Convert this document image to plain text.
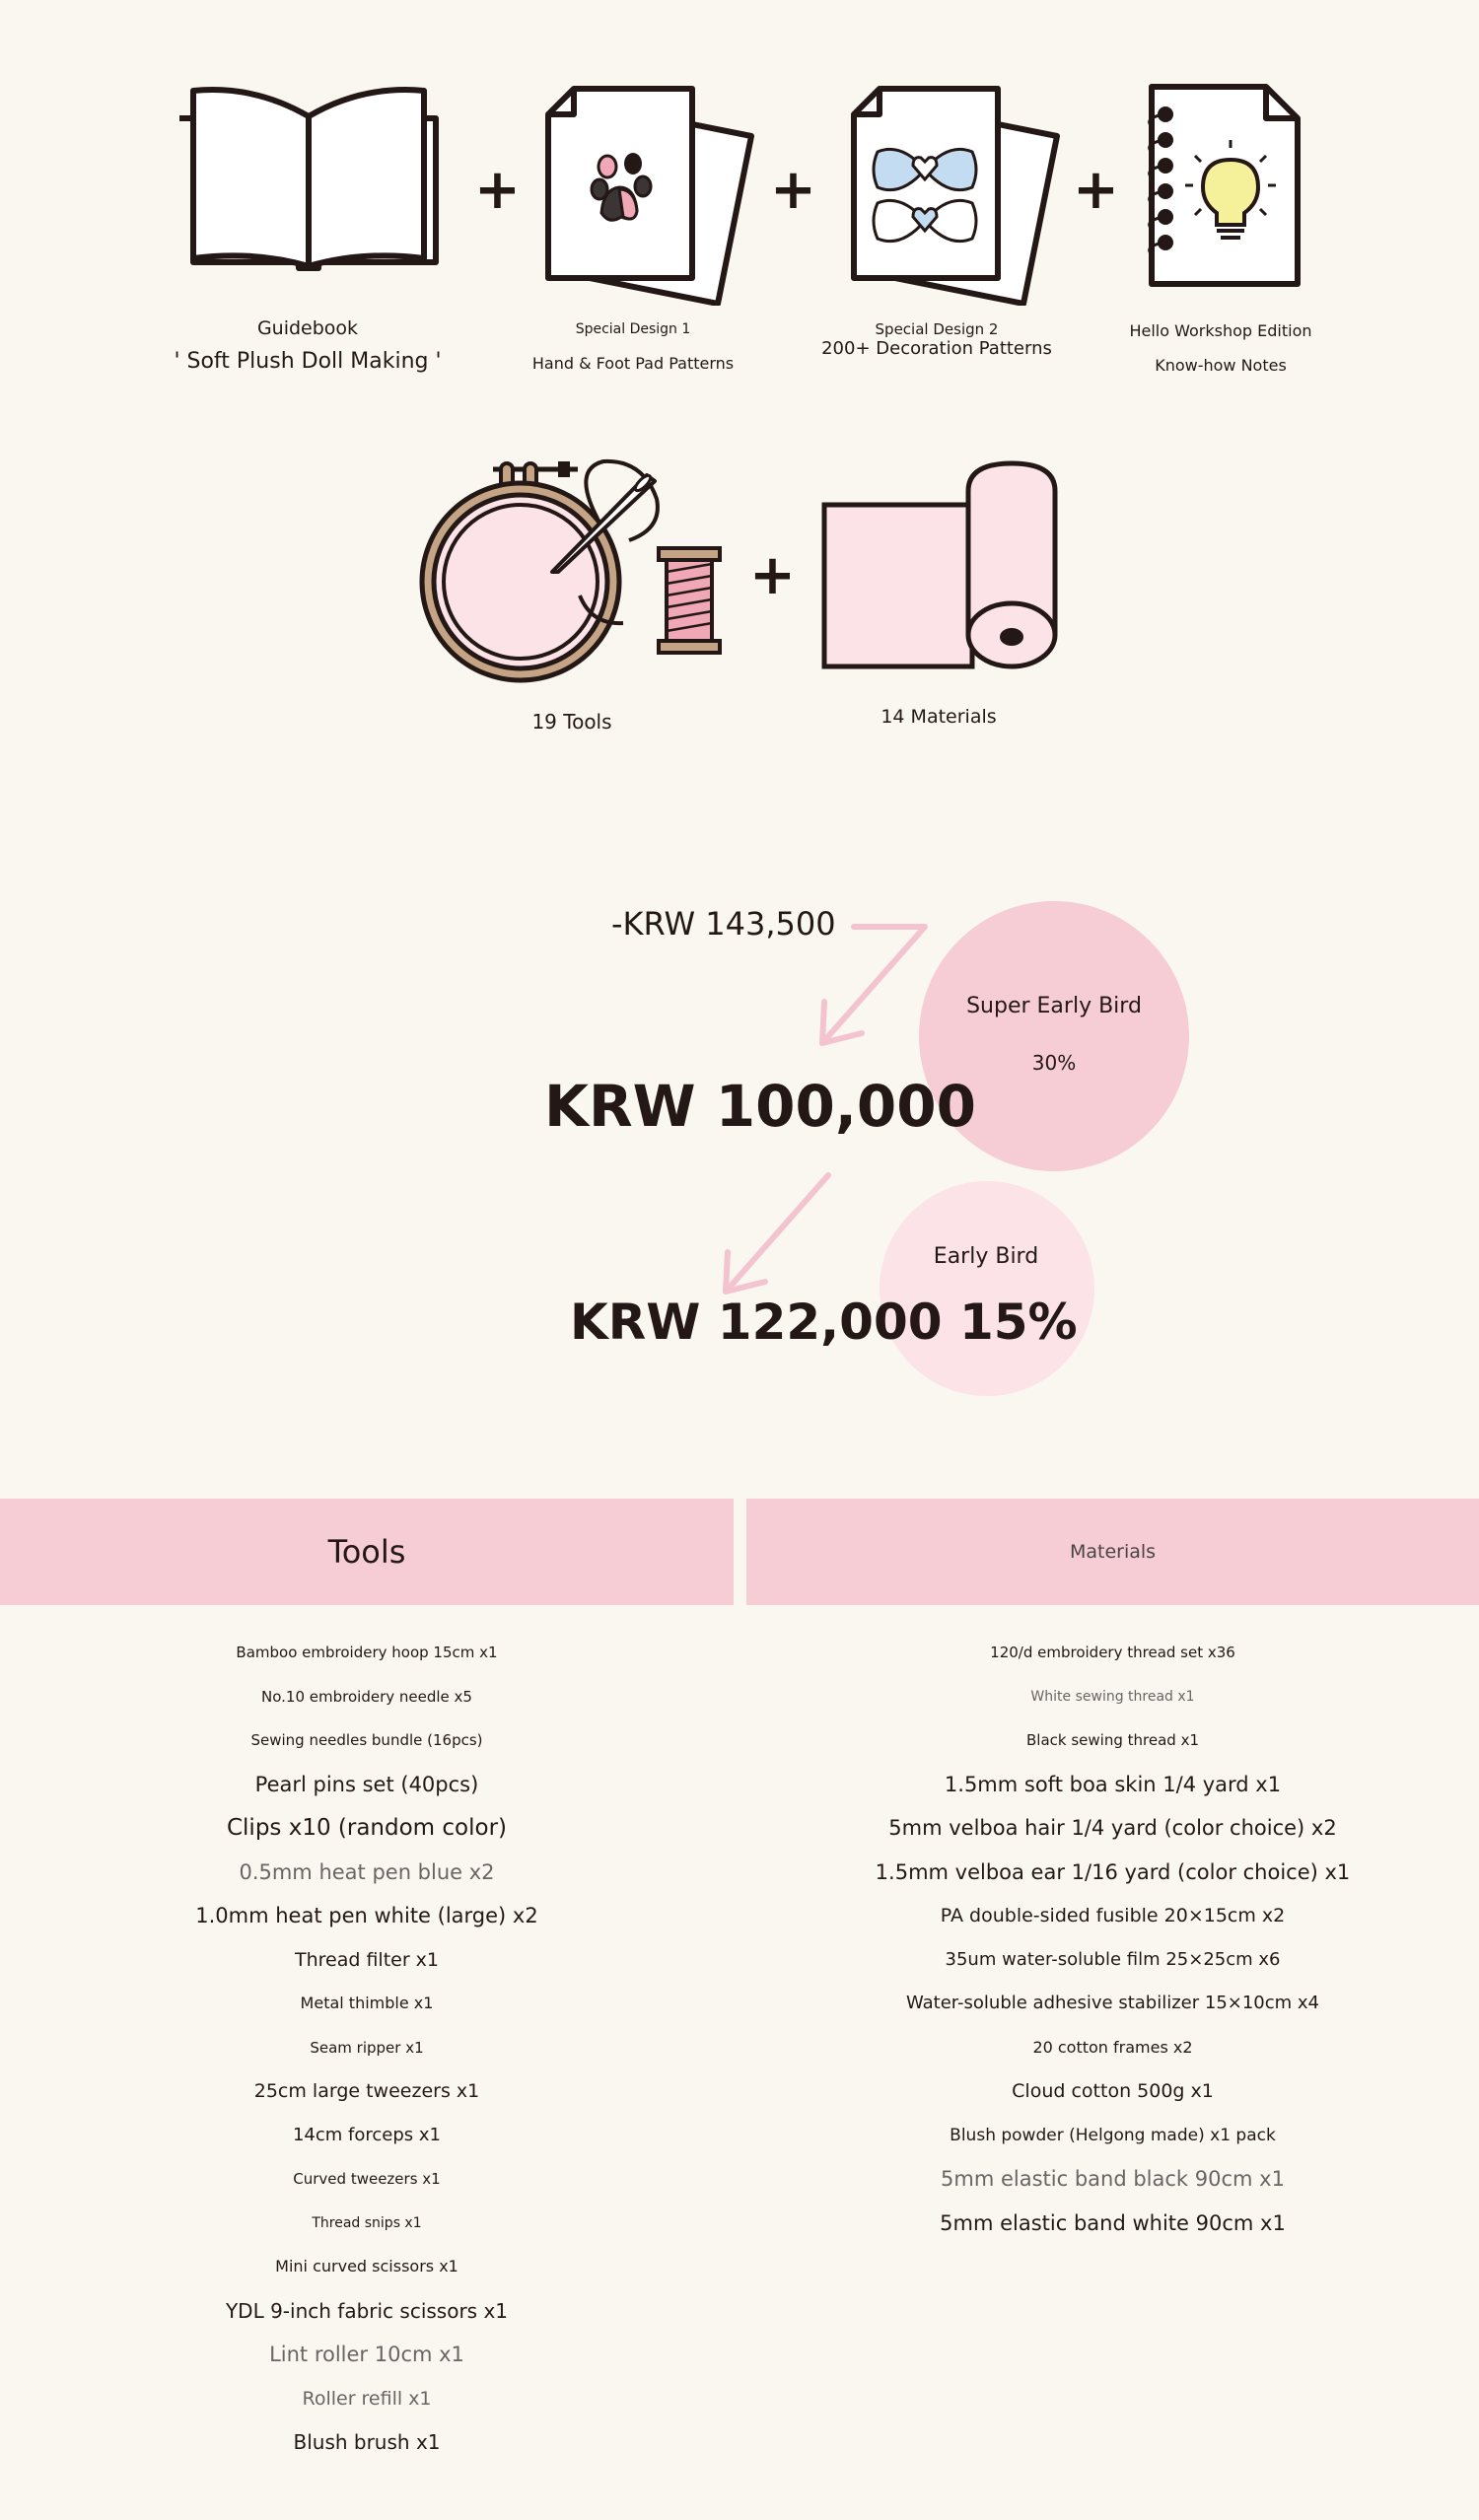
+	+	+
Guidebook
' Soft Plush Doll Making '
Special Design 1
Hand & Foot Pad Patterns
Special Design 2
200+ Decoration Patterns
Hello Workshop Edition
Know-how Notes
+
19 Tools	14 Materials
-KRW 143,500
KRW 100,000
Super Early Bird
30%
KRW 122,000 15%
Early Bird
Tools	Materials
Bamboo embroidery hoop 15cm x1
No.10 embroidery needle x5
Sewing needles bundle (16pcs)
Pearl pins set (40pcs)
Clips x10 (random color)
0.5mm heat pen blue x2
1.0mm heat pen white (large) x2
Thread filter x1
Metal thimble x1
Seam ripper x1
25cm large tweezers x1
14cm forceps x1
Curved tweezers x1
Thread snips x1
Mini curved scissors x1
YDL 9-inch fabric scissors x1
Lint roller 10cm x1
Roller refill x1
Blush brush x1
120/d embroidery thread set x36
White sewing thread x1
Black sewing thread x1
1.5mm soft boa skin 1/4 yard x1
5mm velboa hair 1/4 yard (color choice) x2
1.5mm velboa ear 1/16 yard (color choice) x1
PA double-sided fusible 20×15cm x2
35um water-soluble film 25×25cm x6
Water-soluble adhesive stabilizer 15×10cm x4
20 cotton frames x2
Cloud cotton 500g x1
Blush powder (Helgong made) x1 pack
5mm elastic band black 90cm x1
5mm elastic band white 90cm x1
